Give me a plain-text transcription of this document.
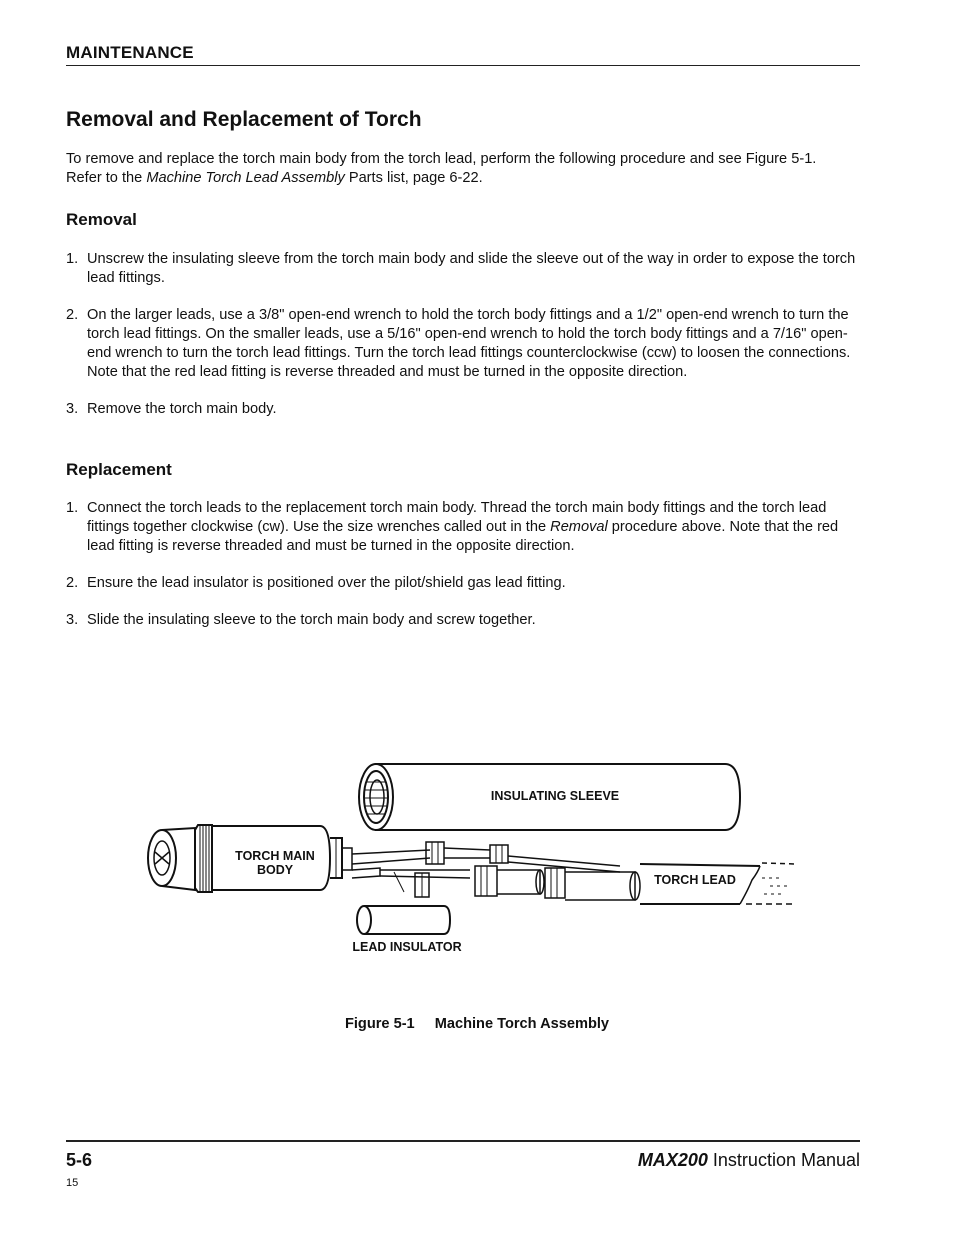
MAINTENANCE
Removal and Replacement of Torch
To remove and replace the torch main body from the torch lead, perform the following procedure and see Figure 5-1. Refer to the Machine Torch Lead Assembly Parts list, page 6-22.
Removal
1. Unscrew the insulating sleeve from the torch main body and slide the sleeve out of the way in order to expose the torch lead fittings.
2. On the larger leads, use a 3/8" open-end wrench to hold the torch body fittings and a 1/2" open-end wrench to turn the torch lead fittings. On the smaller leads, use a 5/16" open-end wrench to hold the torch body fittings and a 7/16" open-end wrench to turn the torch lead fittings. Turn the torch lead fittings counterclockwise (ccw) to loosen the connections. Note that the red lead fitting is reverse threaded and must be turned in the opposite direction.
3. Remove the torch main body.
Replacement
1. Connect the torch leads to the replacement torch main body. Thread the torch main body fittings and the torch lead fittings together clockwise (cw). Use the size wrenches called out in the Removal procedure above. Note that the red lead fitting is reverse threaded and must be turned in the opposite direction.
2. Ensure the lead insulator is positioned over the pilot/shield gas lead fitting.
3. Slide the insulating sleeve to the torch main body and screw together.
INSULATING SLEEVE
TORCH MAIN
BODY
TORCH LEAD
LEAD INSULATOR
Figure 5-1 Machine Torch Assembly
5-6	MAX200 Instruction Manual
15
